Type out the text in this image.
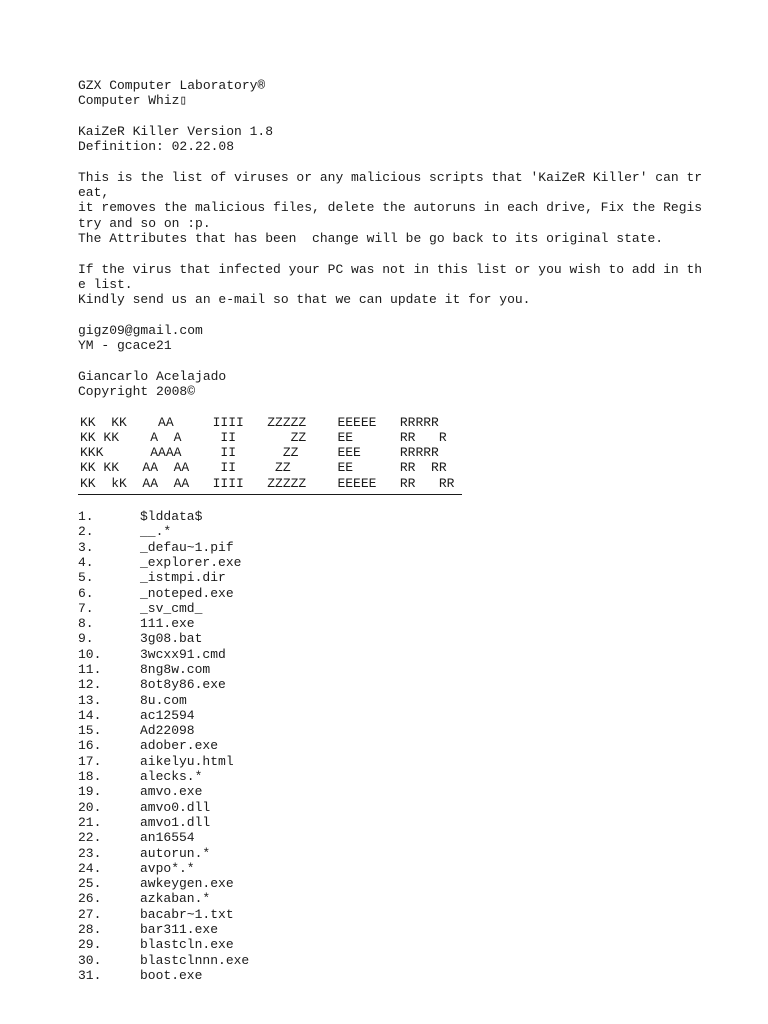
GZX Computer Laboratory®
Computer Whiz▯
KaiZeR Killer Version 1.8
Definition: 02.22.08
This is the list of viruses or any malicious scripts that 'KaiZeR Killer' can tr
eat,
it removes the malicious files, delete the autoruns in each drive, Fix the Regis
try and so on :p.
The Attributes that has been  change will be go back to its original state.
If the virus that infected your PC was not in this list or you wish to add in th
e list.
Kindly send us an e-mail so that we can update it for you.
gigz09@gmail.com
YM - gcace21
Giancarlo Acelajado
Copyright 2008©
KK  KK    AA     IIII   ZZZZZ    EEEEE   RRRRR
KK KK    A  A     II       ZZ    EE      RR   R
KKK      AAAA     II      ZZ     EEE     RRRRR
KK KK   AA  AA    II     ZZ      EE      RR  RR
KK  kK  AA  AA   IIII   ZZZZZ    EEEEE   RR   RR
1.	$lddata$
2.	__.*
3.	_defau~1.pif
4.	_explorer.exe
5.	_istmpi.dir
6.	_noteped.exe
7.	_sv_cmd_
8.	111.exe
9.	3g08.bat
10.	3wcxx91.cmd
11.	8ng8w.com
12.	8ot8y86.exe
13.	8u.com
14.	ac12594
15.	Ad22098
16.	adober.exe
17.	aikelyu.html
18.	alecks.*
19.	amvo.exe
20.	amvo0.dll
21.	amvo1.dll
22.	an16554
23.	autorun.*
24.	avpo*.*
25.	awkeygen.exe
26.	azkaban.*
27.	bacabr~1.txt
28.	bar311.exe
29.	blastcln.exe
30.	blastclnnn.exe
31.	boot.exe
